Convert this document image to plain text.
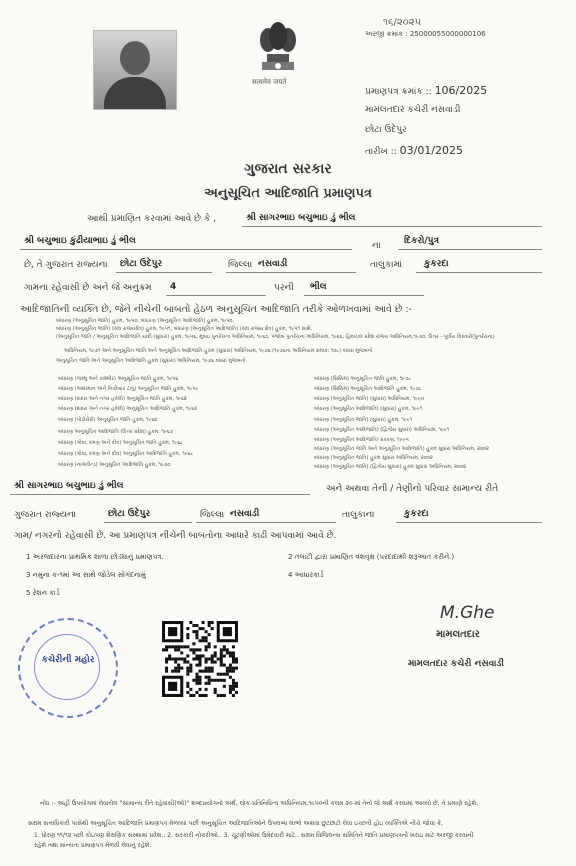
सत्यमेव जयते
૧૬/૨૦૨૫
અરજી ક્રમાંક : 25000055000000106
પ્રમાણપત્ર ક્રમાંક :: 106/2025
મામલતદાર કચેરી નસવાડી
છોટા ઉદેપુર
તારીખ :: 03/01/2025
ગુજરાત સરકાર
અનુસૂચિત આદિજાતિ પ્રમાણપત્ર
આથી પ્રમાણિત કરવામાં આવે છે કે ,	શ્રી સાગરભાઇ બચુભાઇ ડું ભીલ
શ્રી બચુભાઇ કુંઢીયાભાઇ ડું ભીલ	ના	દિકરો/પુત્ર
છે, તે ગુજરાત રાજ્યના છોટા ઉદેપુર	જિલ્લા નસવાડી	તાલુકામાં કુકરદા
ગામના રહેવાસી છે અને જે અનુક્રમ 4	પરની ભીલ
આદિજાતિની વ્યક્તિ છે, જેને નીચેની બાબતો હેઠળ અનુસૂચિત આદિજાતિ તરીકે ઓળખવામાં આવે છે :-
બંધારણ (અનુસૂચિત જાતિ) હુકમ, ૧૯૫૦, બંધારણ (અનુસૂચિત આદિજાતિ) હુકમ, ૧૯૫૦,
બંધારણ (અનુસૂચિત જાતિ) (સંઘ રાજ્યક્ષેત્ર) હુકમ, ૧૯૫૧, બંધારણ (અનુસૂચિત આદિજાતિ) (સંઘ રાજ્ય ક્ષેત્ર) હુકમ, ૧૯૫૧ સાથે.
(અનુસૂચિત જાતિ / અનુસૂચિત આદિજાતિ યાદી (સુધારા) હુકમ, ૧૯૫૬, મુંબઇ પુનર્રચના અધિનિયમ, ૧૯૬૦, પંજાબ પુનર્રચના અધિનિયમ, ૧૯૬૬, હિમાચલ પ્રદેશ રાજ્ય અધિનિયમ,૧૯૭૦, ઉત્તર - પૂર્વીય વિસ્તારો(પુનર્રચના)
અધિનિયમ, ૧૯૭૧ અને અનુસૂચિત જાતિ અને અનુસૂચિત આદિજાતિ હુકમ (સુધારા) અધિનિયમ, ૧૯૭૬ (૧૯૭૬ના અધિનિયમ ક્રમાંક: ૧૦૮) વધારા મુજબનો
અનુસૂચિત જાતિ અને અનુસૂચિત આદિજાતિ હુકમ (સુધારા) અધિનિયમ, ૧૯૭૬ વધારા મુજબનો
બંધારણ (જમ્મુ અને કાશ્મીર) અનુસૂચિત જાતિ હુકમ, ૧૯૫૬
બંધારણ (આંદામાન અને નિકોબાર ટાપુ) અનુસૂચિત જાતિ હુકમ, ૧૯૫૯
બંધારણ (દાદરા અને નગર હવેલી) અનુસૂચિત જાતિ હુકમ, ૧૯૬૨
બંધારણ (દાદરા અને નગર હવેલી) અનુસૂચિત આદિજાતિ હુકમ, ૧૯૬૨
બંધારણ (પોંડીચેરી) અનુસૂચિત જાતિ હુકમ, ૧૯૬૪
બંધારણ અનુસૂચિત આદિજાતિ (ઉત્તર પ્રદેશ) હુકમ, ૧૯૬૭
બંધારણ (ગોવા, દમણ અને દીવ) અનુસૂચિત જાતિ હુકમ, ૧૯૬૮
બંધારણ (ગોવા, દમણ અને દીવ) અનુસૂચિત આદિજાતિ હુકમ, ૧૯૬૮
બંધારણ (નાગાલેન્ડ) અનુસૂચિત આદિજાતિ હુકમ, ૧૯૭૦
બંધારણ (સિક્કિમ) અનુસૂચિત જાતિ હુકમ, ૧૯૭૮
બંધારણ (સિક્કિમ) અનુસૂચિત આદિજાતિ હુકમ, ૧૯૭૮
બંધારણ (અનુસૂચિત જાતિ) (સુધારા) અધિનિયમ, ૧૯૯૦
બંધારણ (અનુસૂચિત આદિજાતિ) (સુધારા) હુકમ, ૧૯૯૧
બંધારણ (અનુસૂચિત જાતિ) (સુધારા) હુકમ, ૧૯૯૧
બંધારણ (અનુસૂચિત આદિજાતિ) (દ્વિતીય સુધારા) અધિનિયમ, ૧૯૯૧
બંધારણ (અનુસૂચિત આદિજાતિ) પ્રકરણ, ૧૯૯૫
બંધારણ (અનુસૂચિત જાતિ અને અનુસૂચિત આદિજાતિ) હુકમ સુધારા અધિનિયમ, ૨૦૦૨
બંધારણ (અનુસૂચિત જાતિ) હુકમ સુધારા અધિનિયમ, ૨૦૦૨
બંધારણ (અનુસૂચિત જાતિ) (દ્વિતીય સુધારા) હુકમ સુધારા અધિનિયમ, ૨૦૦૨
શ્રી સાગરભાઇ બચુભાઇ ડું ભીલ	અને અથવા તેની / તેણીનો પરિવાર સામાન્ય રીતે
ગુજરાત રાજ્યના	છોટા ઉદેપુર	જિલ્લા નસવાડી	તાલુકાના	કુકરદા
ગામ/ નગરનો રહેવાસી છે. આ પ્રમાણપત્ર નીચેની બાબતોના આધારે કાઢી આપવામાં આવે છે.
1 અરજદારના પ્રાથમિક શાળા છોડ્યાનું પ્રમાણપત્ર.	2 તલાટી દ્વારા પ્રમાણિત વંશવૃક્ષ (પરદાદાથી શરૂઆત કરીને.)
3 નમુના ક-૧માં આ સાથે જોડેલ સોગંદનામું	4 આધારકાર્ડ
5 રેશન કાર્ડ
કચેરીની મહોર
M.Ghe
મામલતદાર
મામલતદાર કચેરી નસવાડી
નોંધ :- અહીં ઉપયોગમાં લેવાયેલ "સામાન્ય રીતે રહેવાસી(ઓ)" શબ્દપ્રયોગનો અર્થ, લોક-પ્રતિનિધિત્વ અધિનિયમ,૧૯૫૦ની કલમ ૨૦-માં તેનો જે અર્થ કરવામાં આવ્યો છે, તે પ્રમાણે રહેશે.
સક્ષમ સત્તાધિકારી પાસેથી અનુસૂચિત આદિજાતિ પ્રમાણપત્ર મેળવ્યા પછી અનુસૂચિત આદિજાતિઓને ઉપલબ્ધ લાભો અથવા છુટછાટો લેવા ઇચ્છતી હોઇ વ્યક્તિએ નીચે જોવા કે,
1. ધોરણ ૧૧/૧૨ પછી કોઇપણ શૈક્ષણિક સંસ્થામાં પ્રવેશ.. 2. સરકારી નોકરીઓ.. 3. ચૂંટણીઓમાં ઉમેદવારી માટે.. સક્ષમ વિજિલન્સ સમિતિને જાતિ પ્રમાણપત્રની ખરાઇ માટે અરજી કરવાની
રહેશે તથા માન્યતા પ્રમાણપત્ર મેળવી લેવાનું રહેશે.
